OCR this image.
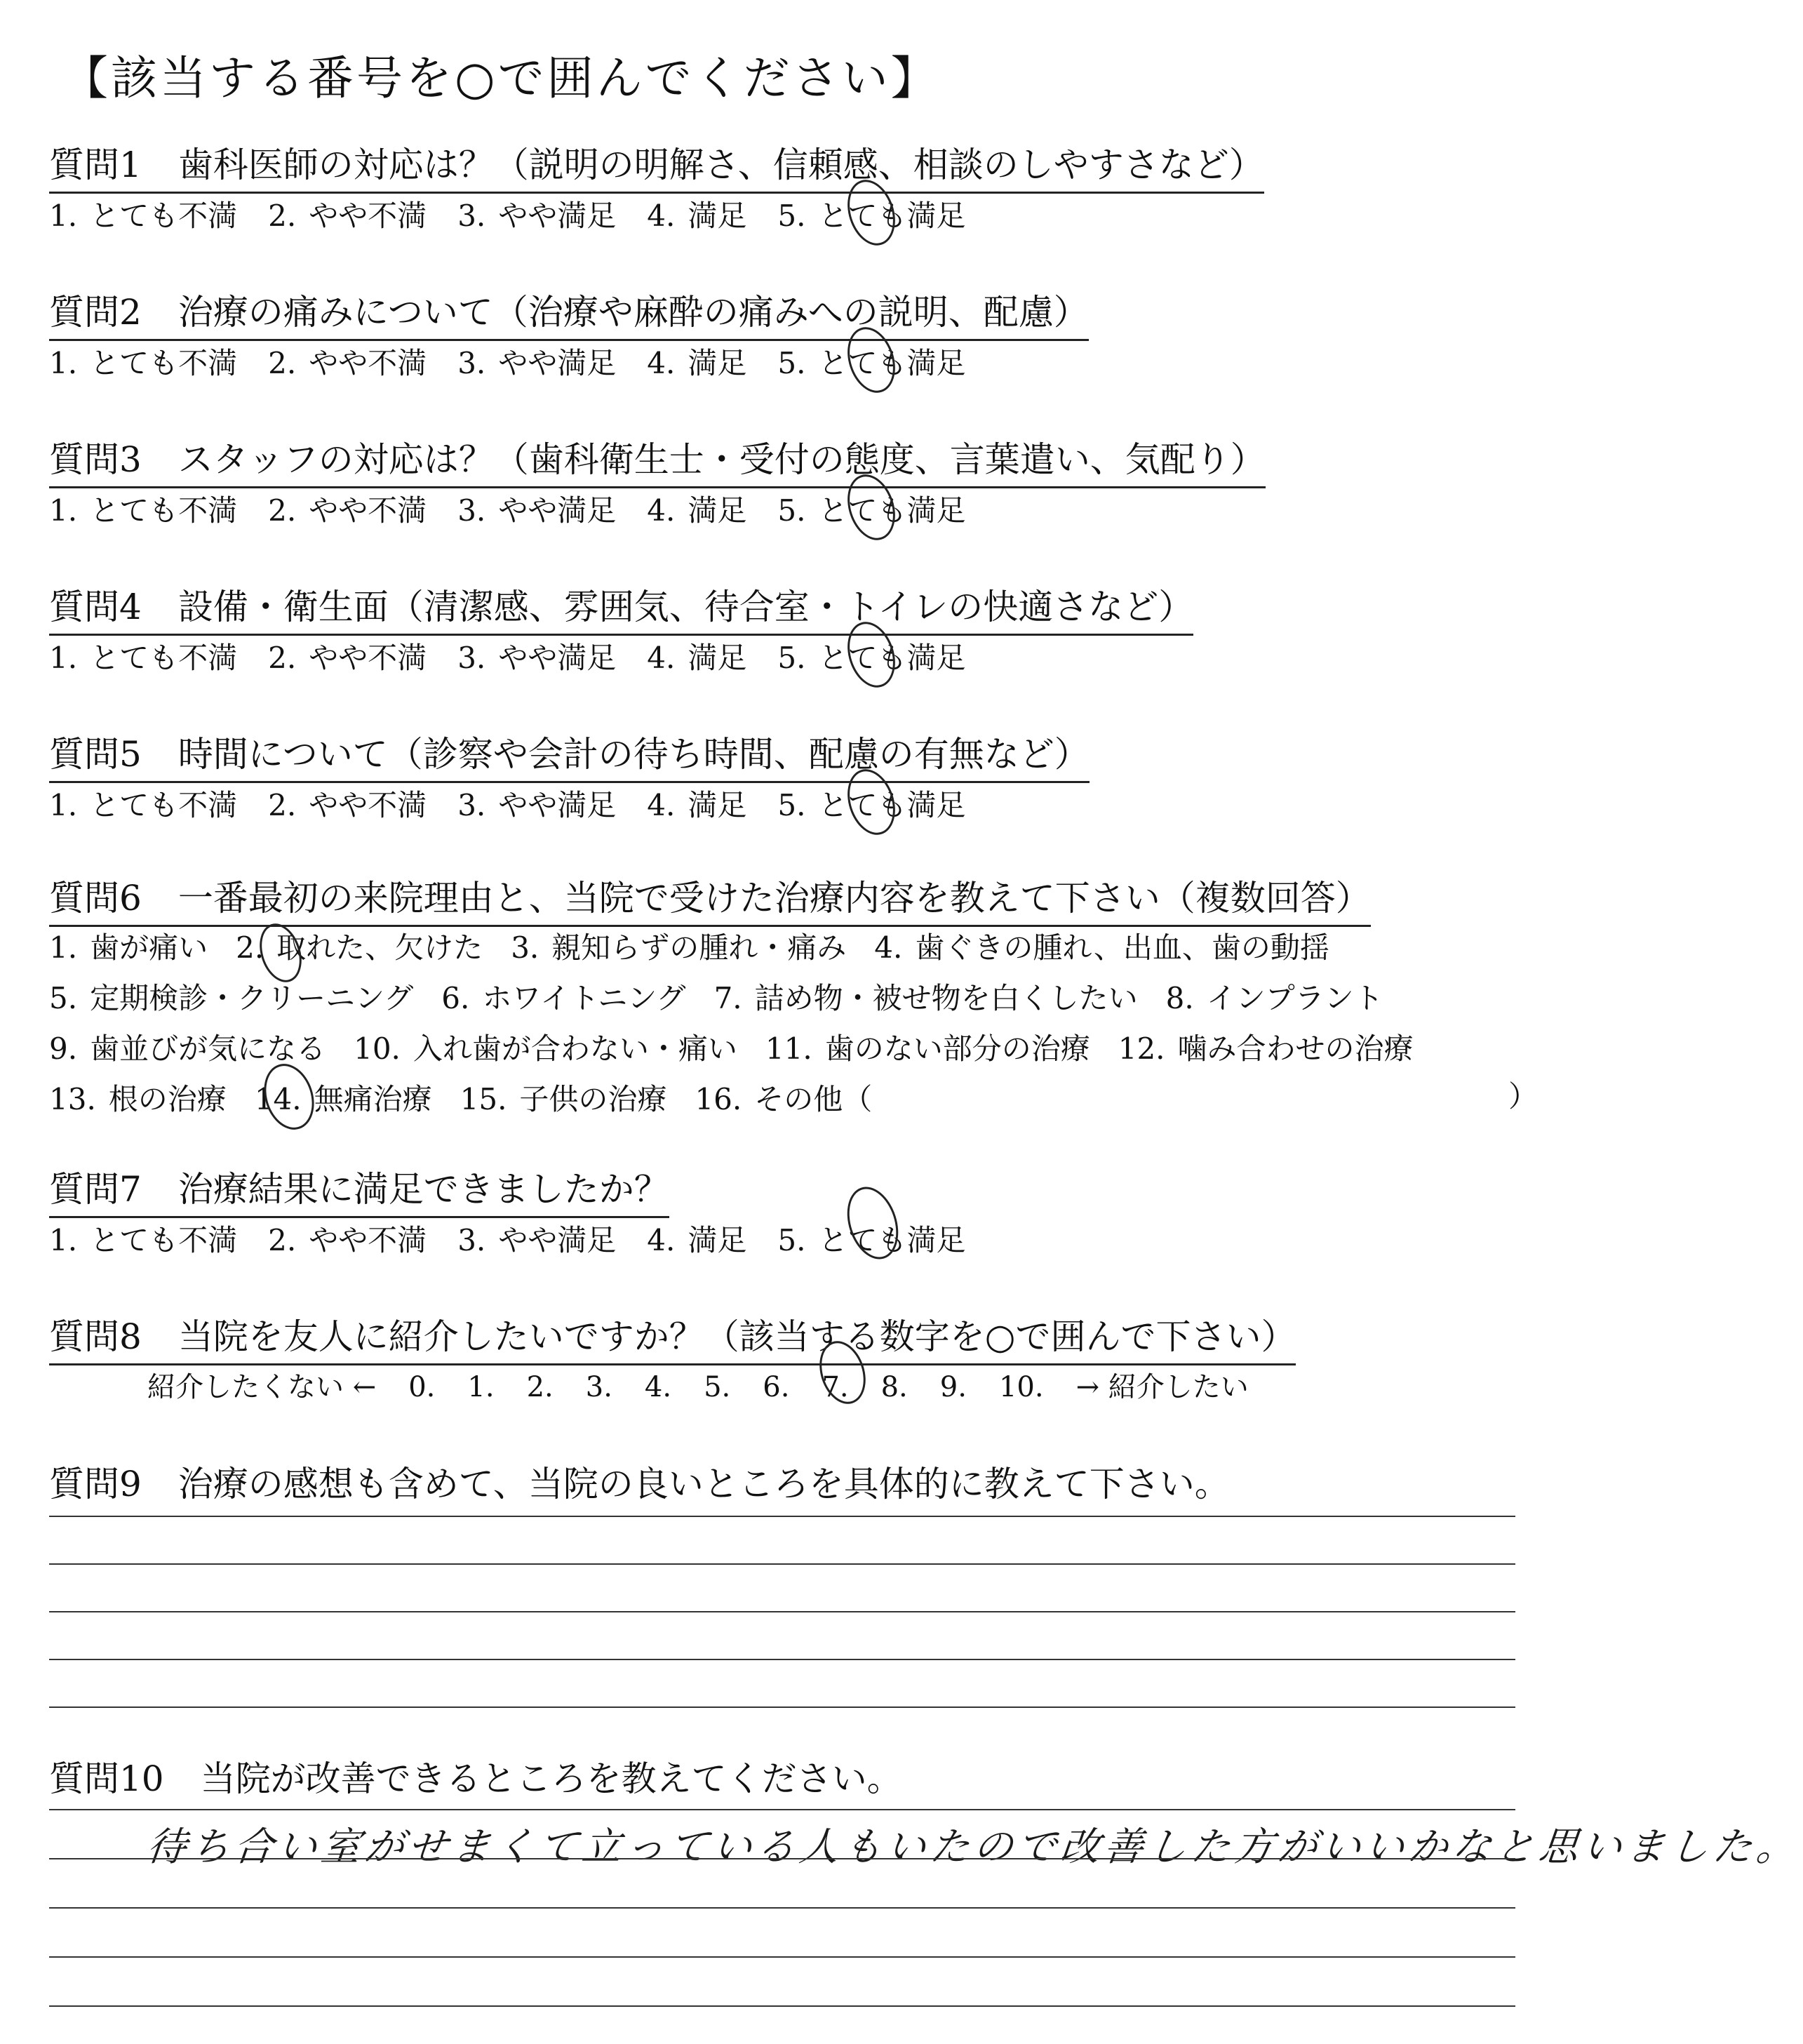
【該当する番号を○で囲んでください】
質問1 歯科医師の対応は？（説明の明解さ、信頼感、相談のしやすさなど）
1. とても不満 2. やや不満 3. やや満足 4. 満足 5. とても満足
質問2 治療の痛みについて（治療や麻酔の痛みへの説明、配慮）
1. とても不満 2. やや不満 3. やや満足 4. 満足 5. とても満足
質問3 スタッフの対応は？（歯科衛生士・受付の態度、言葉遣い、気配り）
1. とても不満 2. やや不満 3. やや満足 4. 満足 5. とても満足
質問4 設備・衛生面（清潔感、雰囲気、待合室・トイレの快適さなど）
1. とても不満 2. やや不満 3. やや満足 4. 満足 5. とても満足
質問5 時間について（診察や会計の待ち時間、配慮の有無など）
1. とても不満 2. やや不満 3. やや満足 4. 満足 5. とても満足
質問6 一番最初の来院理由と、当院で受けた治療内容を教えて下さい（複数回答）
1. 歯が痛い 2. 取れた、欠けた 3. 親知らずの腫れ・痛み 4. 歯ぐきの腫れ、出血、歯の動揺
5. 定期検診・クリーニング 6. ホワイトニング 7. 詰め物・被せ物を白くしたい 8. インプラント
9. 歯並びが気になる 10. 入れ歯が合わない・痛い 11. 歯のない部分の治療 12. 噛み合わせの治療
13. 根の治療 14. 無痛治療 15. 子供の治療 16. その他（	）
質問7 治療結果に満足できましたか？
1. とても不満 2. やや不満 3. やや満足 4. 満足 5. とても満足
質問8 当院を友人に紹介したいですか？（該当する数字を○で囲んで下さい）
紹介したくない ← 0. 1. 2. 3. 4. 5. 6. 7. 8. 9. 10. → 紹介したい
質問9 治療の感想も含めて、当院の良いところを具体的に教えて下さい。
質問10 当院が改善できるところを教えてください。
待ち合い室がせまくて立っている人もいたので改善した方がいいかなと思いました。
